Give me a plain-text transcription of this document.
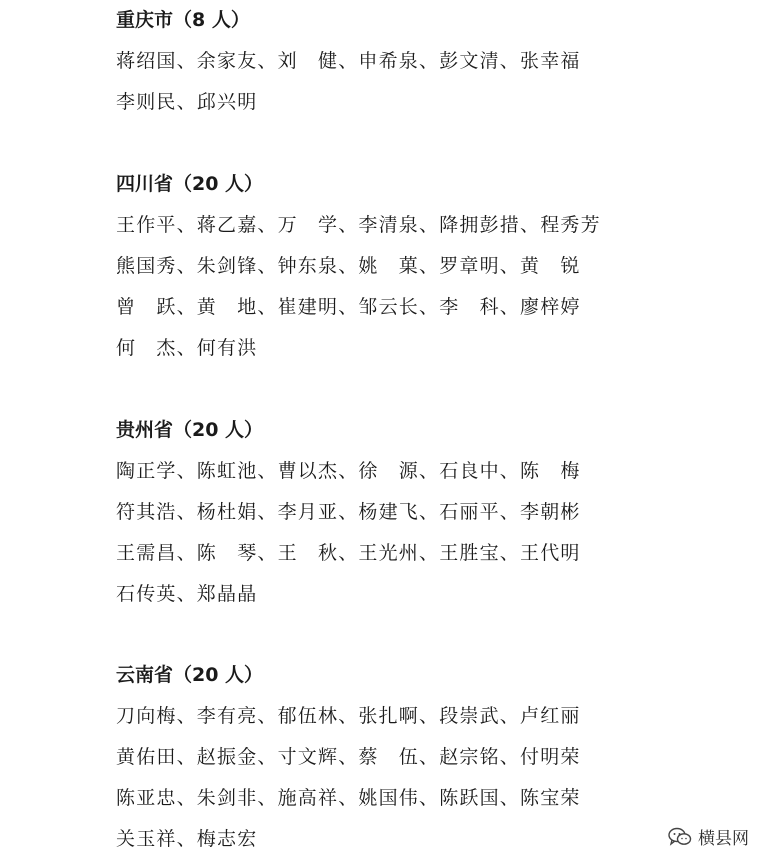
重庆市（8 人）
蒋绍国、余家友、刘　健、申希泉、彭文清、张幸福
李则民、邱兴明
四川省（20 人）
王作平、蒋乙嘉、万　学、李清泉、降拥彭措、程秀芳
熊国秀、朱剑锋、钟东泉、姚　菓、罗章明、黄　锐
曾　跃、黄　地、崔建明、邹云长、李　科、廖梓婷
何　杰、何有洪
贵州省（20 人）
陶正学、陈虹池、曹以杰、徐　源、石良中、陈　梅
符其浩、杨杜娟、李月亚、杨建飞、石丽平、李朝彬
王需昌、陈　琴、王　秋、王光州、王胜宝、王代明
石传英、郑晶晶
云南省（20 人）
刀向梅、李有亮、郁伍林、张扎啊、段崇武、卢红丽
黄佑田、赵振金、寸文辉、蔡　伍、赵宗铭、付明荣
陈亚忠、朱剑非、施高祥、姚国伟、陈跃国、陈宝荣
关玉祥、梅志宏	横县网
